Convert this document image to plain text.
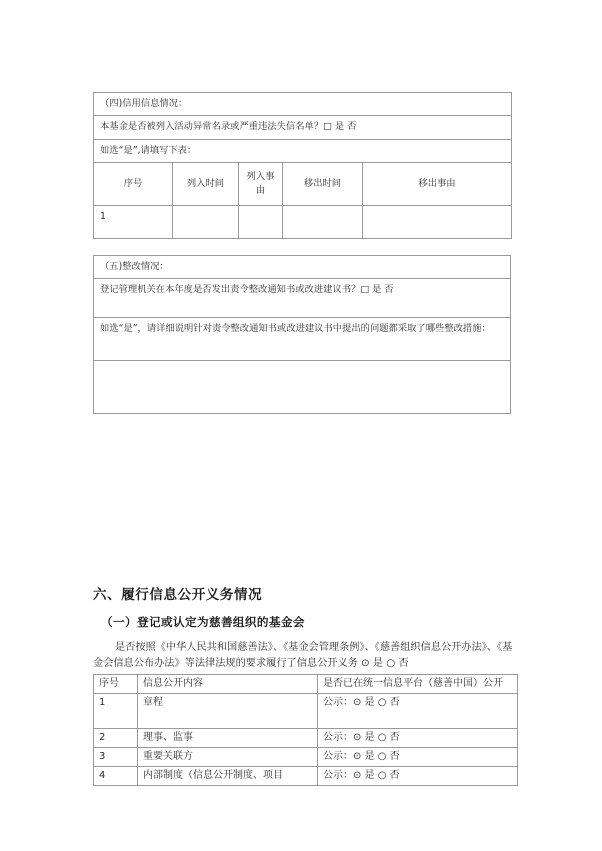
（四)信用信息情况：				
本基金是否被列入活动异常名录或严重违法失信名单？□ 是 否				
如选“是”,请填写下表：				
序号	列入时间	列入事由	移出时间	移出事由
1				
（五)整改情况：
登记管理机关在本年度是否发出责令整改通知书或改进建议书？□ 是 否
如选“是”，请详细说明针对责令整改通知书或改进建议书中提出的问题都采取了哪些整改措施：

六、履行信息公开义务情况
（一）登记或认定为慈善组织的基金会
是否按照《中华人民共和国慈善法》、《基金会管理条例》、《慈善组织信息公开办法》、《基金会信息公布办法》等法律法规的要求履行了信息公开义务 ⊙ 是 ○ 否
序号	信息公开内容	是否已在统一信息平台（慈善中国）公开
1	章程	公示：⊙ 是 ○ 否
2	理事、监事	公示：⊙ 是 ○ 否
3	重要关联方	公示：⊙ 是 ○ 否
4	内部制度（信息公开制度、项目	公示：⊙ 是 ○ 否
